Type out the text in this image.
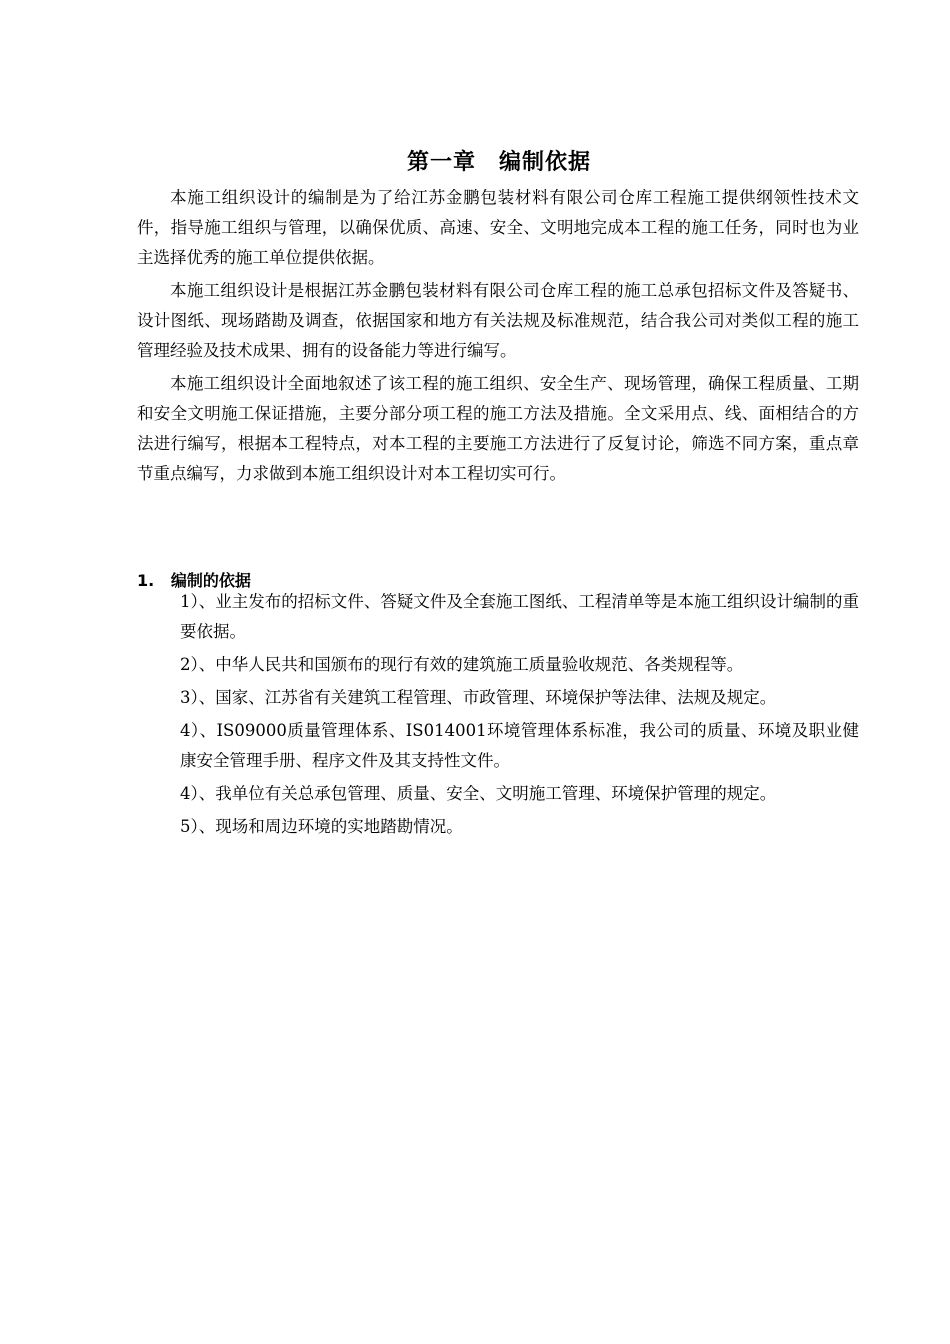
第一章　编制依据

本施工组织设计的编制是为了给江苏金鹏包装材料有限公司仓库工程施工提供纲领性技术文件，指导施工组织与管理，以确保优质、高速、安全、文明地完成本工程的施工任务，同时也为业主选择优秀的施工单位提供依据。

本施工组织设计是根据江苏金鹏包装材料有限公司仓库工程的施工总承包招标文件及答疑书、设计图纸、现场踏勘及调查，依据国家和地方有关法规及标准规范，结合我公司对类似工程的施工管理经验及技术成果、拥有的设备能力等进行编写。

本施工组织设计全面地叙述了该工程的施工组织、安全生产、现场管理，确保工程质量、工期和安全文明施工保证措施，主要分部分项工程的施工方法及措施。全文采用点、线、面相结合的方法进行编写，根据本工程特点，对本工程的主要施工方法进行了反复讨论，筛选不同方案，重点章节重点编写，力求做到本施工组织设计对本工程切实可行。

1.   编制的依据
1）、业主发布的招标文件、答疑文件及全套施工图纸、工程清单等是本施工组织设计编制的重要依据。
2）、中华人民共和国颁布的现行有效的建筑施工质量验收规范、各类规程等。
3）、国家、江苏省有关建筑工程管理、市政管理、环境保护等法律、法规及规定。
4）、IS09000质量管理体系、IS014001环境管理体系标准，我公司的质量、环境及职业健康安全管理手册、程序文件及其支持性文件。
4）、我单位有关总承包管理、质量、安全、文明施工管理、环境保护管理的规定。
5）、现场和周边环境的实地踏勘情况。
